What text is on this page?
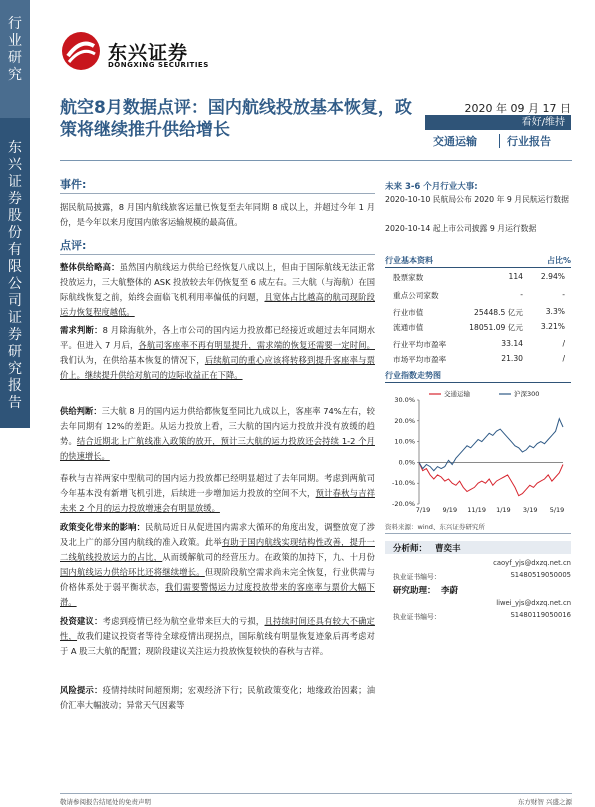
行业研究
东兴证券股份有限公司证券研究报告
东兴证券
DONGXING SECURITIES
航空8月数据点评：国内航线投放基本恢复，政策将继续推升供给增长
2020 年 09 月 17 日
看好/维持
交通运输	行业报告
事件:
据民航局披露，8 月国内航线旅客运量已恢复至去年同期 8 成以上，并超过今年 1 月份，是今年以来月度国内旅客运输规模的最高值。
点评:
整体供给略高：虽然国内航线运力供给已经恢复八成以上，但由于国际航线无法正常投放运力，三大航整体的 ASK 投放较去年仍恢复至 6 成左右。三大航（与海航）在国际航线恢复之前，始终会面临飞机利用率偏低的问题，且宽体占比越高的航司现阶段运力恢复程度越低。
需求判断：8 月除海航外，各上市公司的国内运力投放都已经接近或超过去年同期水平。但进入 7 月后，各航司客座率不再有明显提升，需求端的恢复还需要一定时间。我们认为，在供给基本恢复的情况下，后续航司的重心应该将转移到提升客座率与票价上。继续提升供给对航司的边际收益正在下降。
供给判断：三大航 8 月的国内运力供给都恢复至同比九成以上，客座率 74%左右，较去年同期有 12%的差距。从运力投放上看，三大航的国内运力投放并没有放缓的趋势。结合近期北上广航线准入政策的放开，预计三大航的运力投放还会持续 1-2 个月的快速增长。
春秋与吉祥两家中型航司的国内运力投放都已经明显超过了去年同期。考虑到两航司今年基本没有新增飞机引进，后续进一步增加运力投放的空间不大，预计春秋与吉祥未来 2 个月的运力投放增速会有明显放缓。
政策变化带来的影响：民航局近日从促进国内需求大循环的角度出发，调整放宽了涉及北上广的部分国内航线的准入政策。此举有助于国内航线实现结构性改善，提升一二线航线投放运力的占比，从而缓解航司的经营压力。在政策的加持下，九、十月份国内航线运力供给环比还将继续增长。但现阶段航空需求尚未完全恢复，行业供需与价格体系处于弱平衡状态，我们需要警惕运力过度投放带来的客座率与票价大幅下滑。
投资建议：考虑到疫情已经为航空业带来巨大的亏损，且持续时间还具有较大不确定性，故我们建议投资者等待全球疫情出现拐点，国际航线有明显恢复迹象后再考虑对于 A 股三大航的配置；现阶段建议关注运力投放恢复较快的春秋与吉祥。
风险提示：疫情持续时间超预期；宏观经济下行；民航政策变化；地缘政治因素；油价汇率大幅波动；异常天气因素等
未来 3-6 个月行业大事:
2020-10-10 民航局公布 2020 年 9 月民航运行数据
2020-10-14 起上市公司披露 9 月运行数据
行业基本资料	占比%
股票家数	114 2.94%
重点公司家数	-	-
行业市值	25448.5 亿元	3.3%
流通市值	18051.09 亿元 3.21%
行业平均市盈率	33.14	/
市场平均市盈率	21.30	/
行业指数走势图
30.0%
20.0%
10.0%
0.0%
-10.0%
-20.0%
7/19 9/19 11/19 1/19 3/19 5/19
交通运输	沪深300
资料来源：wind、东兴证券研究所
分析师： 曹奕丰
caoyf_yjs@dxzq.net.cn
执业证书编号：	S1480519050005
研究助理： 李蔚
liwei_yjs@dxzq.net.cn
执业证书编号：	S1480119050016
敬请参阅报告结尾处的免责声明	东方财智 兴盛之源
